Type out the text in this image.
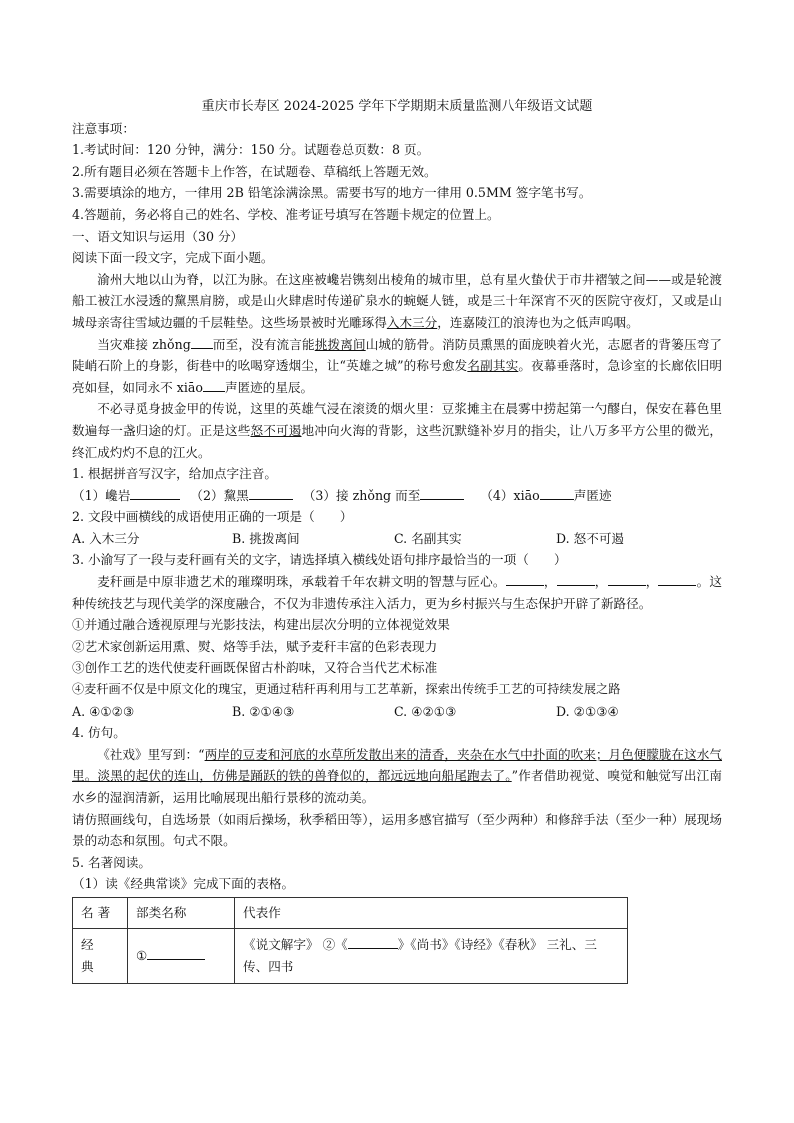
重庆市长寿区 2024-2025 学年下学期期末质量监测八年级语文试题
注意事项：
1.考试时间：120 分钟，满分：150 分。试题卷总页数：8 页。
2.所有题目必须在答题卡上作答，在试题卷、草稿纸上答题无效。
3.需要填涂的地方，一律用 2B 铅笔涂满涂黑。需要书写的地方一律用 0.5MM 签字笔书写。
4.答题前，务必将自己的姓名、学校、准考证号填写在答题卡规定的位置上。
一、语文知识与运用（30 分）
阅读下面一段文字，完成下面小题。
渝州大地以山为脊，以江为脉。在这座被巉岩镌刻出棱角的城市里，总有星火蛰伏于市井褶皱之间——或是轮渡船工被江水浸透的黧黑肩膀，或是山火肆虐时传递矿泉水的蜿蜒人链，或是三十年深宵不灭的医院守夜灯，又或是山城母亲寄往雪域边疆的千层鞋垫。这些场景被时光雕琢得入木三分，连嘉陵江的浪涛也为之低声呜咽。
当灾难接 zhǒng 而至，没有流言能挑拨离间山城的筋骨。消防员熏黑的面庞映着火光，志愿者的背篓压弯了陡峭石阶上的身影，街巷中的吆喝穿透烟尘，让“英雄之城”的称号愈发名副其实。夜幕垂落时，急诊室的长廊依旧明亮如昼，如同永不 xiāo 声匿迹的星辰。
不必寻觅身披金甲的传说，这里的英雄气浸在滚烫的烟火里：豆浆摊主在晨雾中捞起第一勺醪白，保安在暮色里数遍每一盏归途的灯。正是这些怒不可遏地冲向火海的背影，这些沉默缝补岁月的指尖，让八万多平方公里的微光，终汇成灼灼不息的江火。
1. 根据拼音写汉字，给加点字注音。
（1）巉岩	（2）黧黑	（3）接 zhǒng 而至	（4）xiāo	声匿迹
2. 文段中画横线的成语使用正确的一项是（　　）
A. 入木三分	B. 挑拨离间	C. 名副其实	D. 怒不可遏
3. 小渝写了一段与麦秆画有关的文字，请选择填入横线处语句排序最恰当的一项（　　）
麦秆画是中原非遗艺术的璀璨明珠，承载着千年农耕文明的智慧与匠心。	，	，	，	。这种传统技艺与现代美学的深度融合，不仅为非遗传承注入活力，更为乡村振兴与生态保护开辟了新路径。
①并通过融合透视原理与光影技法，构建出层次分明的立体视觉效果
②艺术家创新运用熏、熨、烙等手法，赋予麦秆丰富的色彩表现力
③创作工艺的迭代使麦秆画既保留古朴韵味，又符合当代艺术标准
④麦秆画不仅是中原文化的瑰宝，更通过秸秆再利用与工艺革新，探索出传统手工艺的可持续发展之路
A. ④①②③	B. ②①④③	C. ④②①③	D. ②①③④
4. 仿句。
《社戏》里写到：“两岸的豆麦和河底的水草所发散出来的清香，夹杂在水气中扑面的吹来；月色便朦胧在这水气里。淡黑的起伏的连山，仿佛是踊跃的铁的兽脊似的，都远远地向船尾跑去了。”作者借助视觉、嗅觉和触觉写出江南水乡的湿润清新，运用比喻展现出船行景移的流动美。
请仿照画线句，自选场景（如雨后操场，秋季稻田等），运用多感官描写（至少两种）和修辞手法（至少一种）展现场景的动态和氛围。句式不限。
5. 名著阅读。
（1）读《经典常谈》完成下面的表格。
名 著	部类名称	代表作
经典	①	《说文解字》 ②《 》《尚书》《诗经》《春秋》 三礼、三传、四书
